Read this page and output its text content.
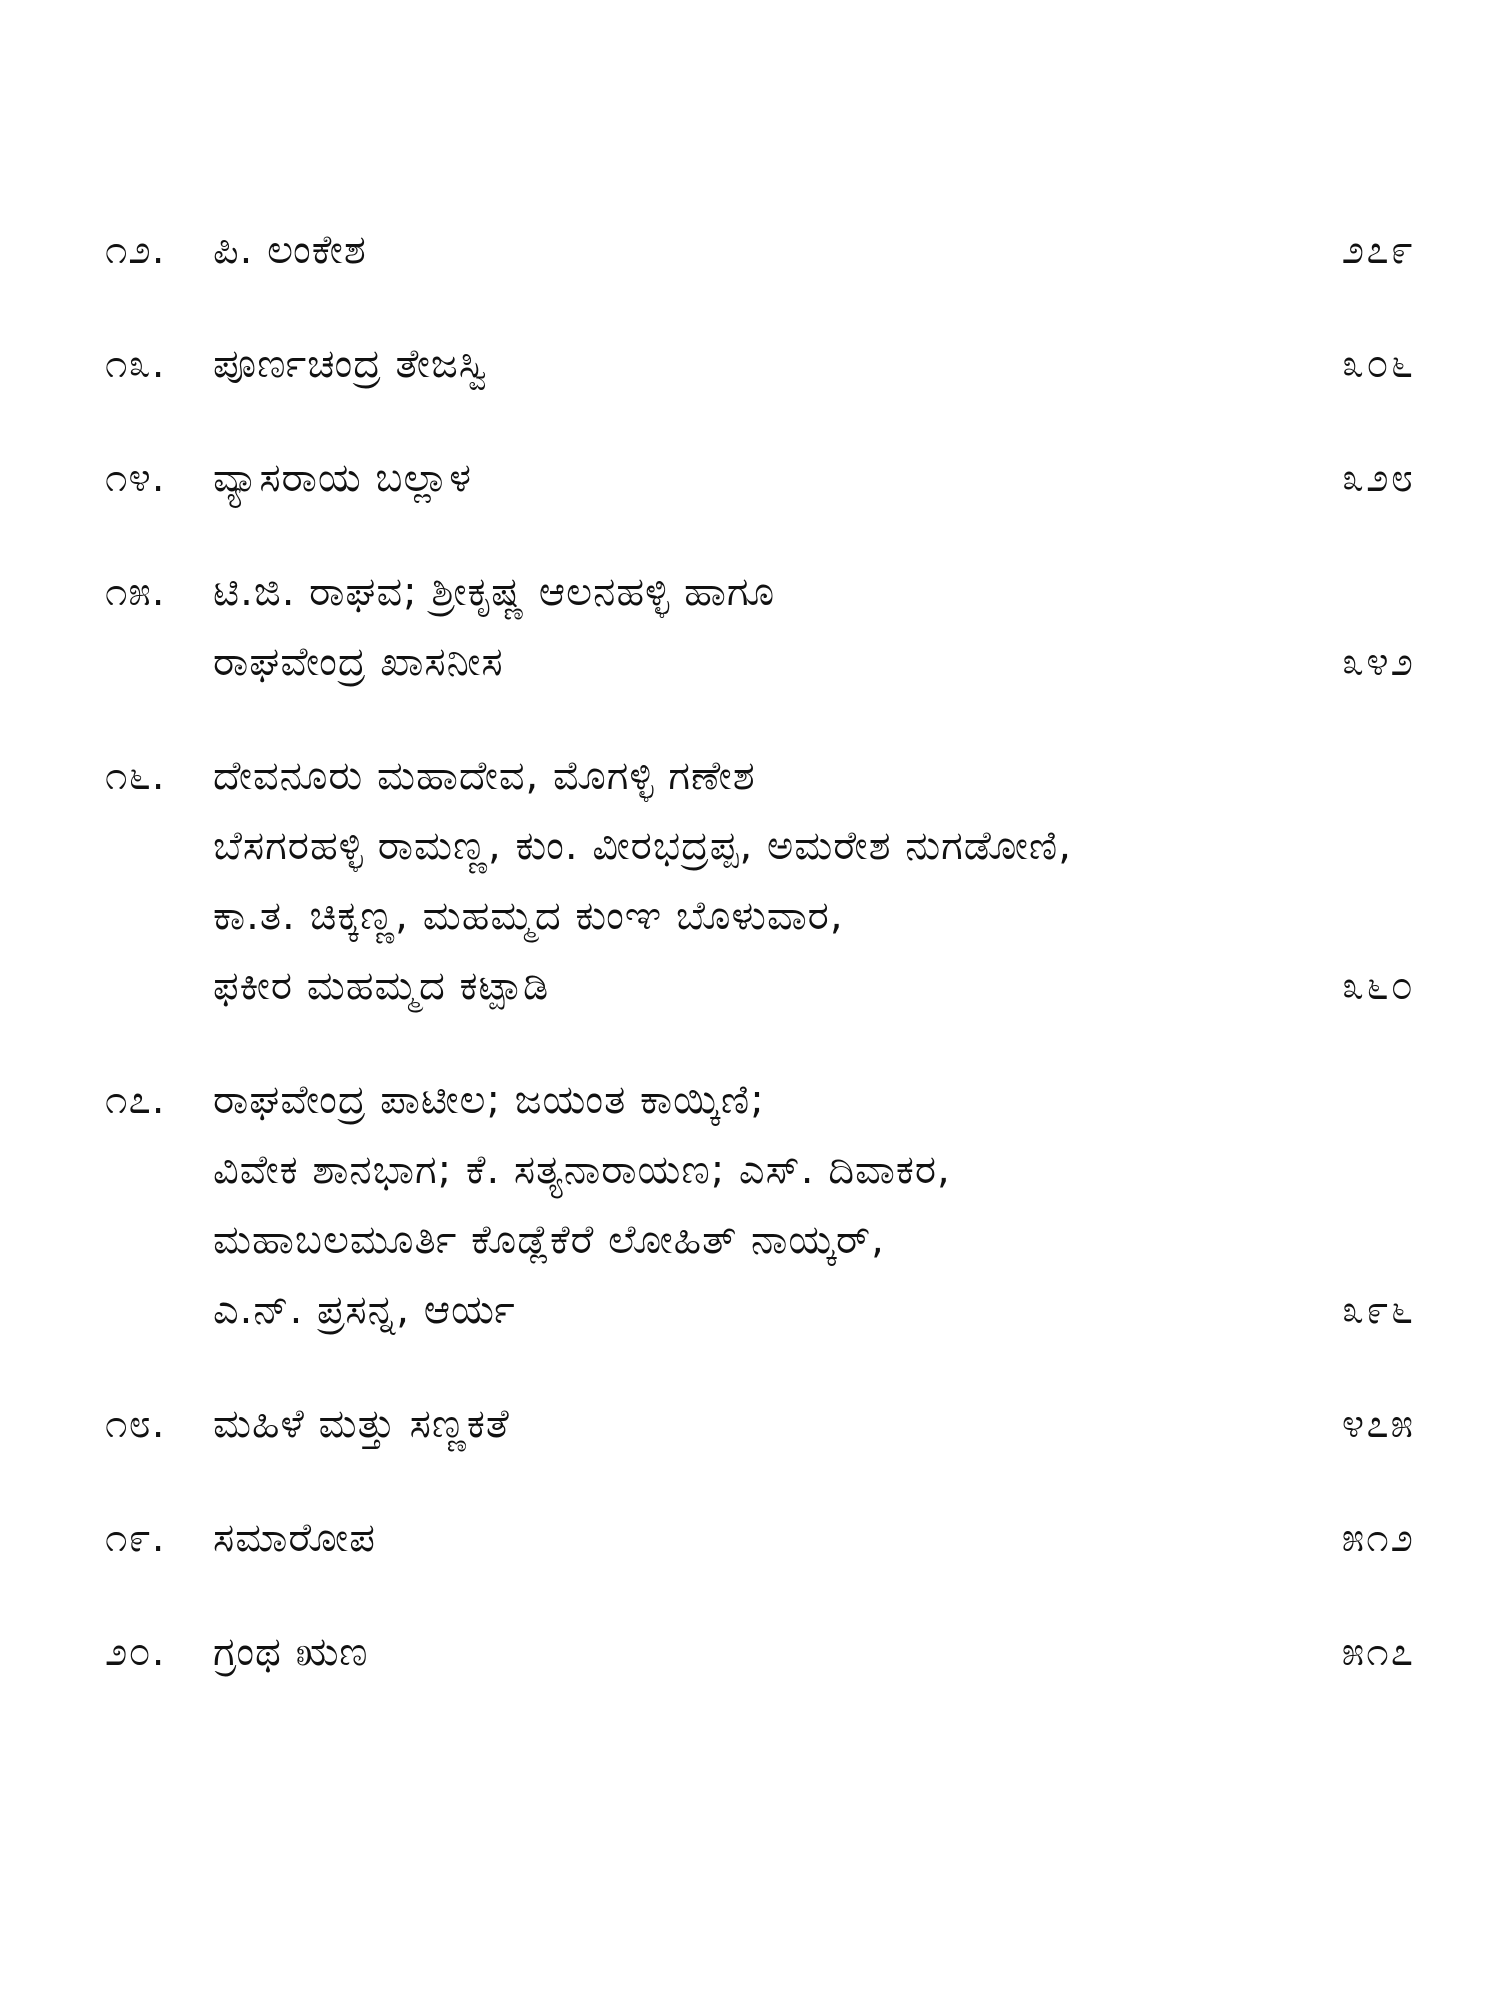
೧೨.	ಪಿ. ಲಂಕೇಶ	೨೭೯
೧೩.	ಪೂರ್ಣಚಂದ್ರ ತೇಜಸ್ವಿ	೩೦೬
೧೪.	ವ್ಯಾಸರಾಯ ಬಲ್ಲಾಳ	೩೨೮
೧೫.	ಟಿ.ಜಿ. ರಾಘವ; ಶ್ರೀಕೃಷ್ಣ ಆಲನಹಳ್ಳಿ ಹಾಗೂ
ರಾಘವೇಂದ್ರ ಖಾಸನೀಸ	೩೪೨
೧೬.	ದೇವನೂರು ಮಹಾದೇವ, ಮೊಗಳ್ಳಿ ಗಣೇಶ
ಬೆಸಗರಹಳ್ಳಿ ರಾಮಣ್ಣ, ಕುಂ. ವೀರಭದ್ರಪ್ಪ, ಅಮರೇಶ ನುಗಡೋಣಿ,
ಕಾ.ತ. ಚಿಕ್ಕಣ್ಣ, ಮಹಮ್ಮದ ಕುಂಞ ಬೊಳುವಾರ,
ಫಕೀರ ಮಹಮ್ಮದ ಕಟ್ಪಾಡಿ	೩೬೦
೧೭.	ರಾಘವೇಂದ್ರ ಪಾಟೀಲ; ಜಯಂತ ಕಾಯ್ಕಿಣಿ;
ವಿವೇಕ ಶಾನಭಾಗ; ಕೆ. ಸತ್ಯನಾರಾಯಣ; ಎಸ್. ದಿವಾಕರ,
ಮಹಾಬಲಮೂರ್ತಿ ಕೊಡ್ಲೆಕೆರೆ ಲೋಹಿತ್ ನಾಯ್ಕರ್,
ಎ.ನ್. ಪ್ರಸನ್ನ, ಆರ್ಯ	೩೯೬
೧೮.	ಮಹಿಳೆ ಮತ್ತು ಸಣ್ಣಕತೆ	೪೭೫
೧೯.	ಸಮಾರೋಪ	೫೧೨
೨೦.	ಗ್ರಂಥ ಋಣ	೫೧೭
